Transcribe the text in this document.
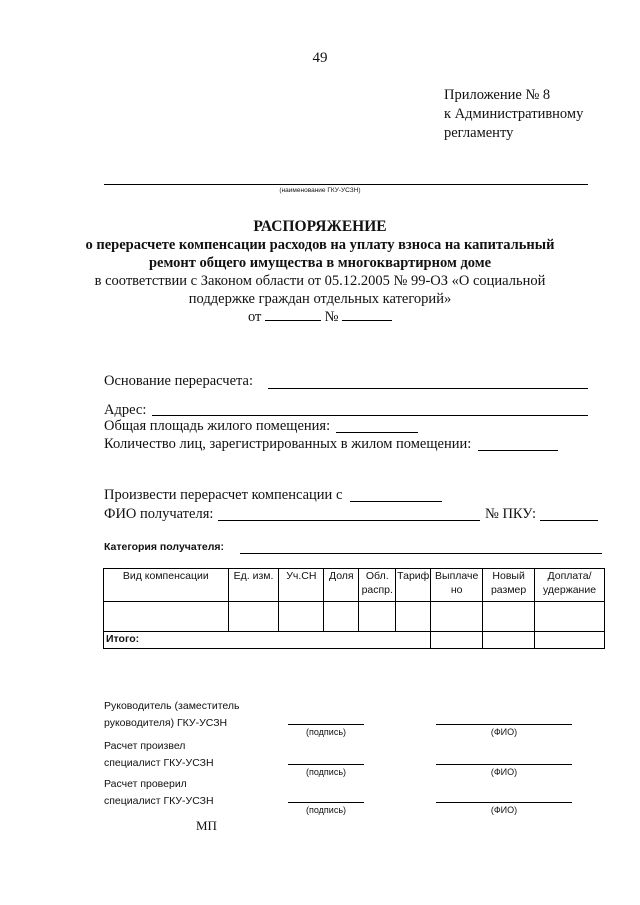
49
Приложение № 8
к Административному
регламенту
(наименование ГКУ-УСЗН)
РАСПОРЯЖЕНИЕ
о перерасчете компенсации расходов на уплату взноса на капитальный
ремонт общего имущества в многоквартирном доме
в соответствии с Законом области от 05.12.2005 № 99-ОЗ «О социальной
поддержке граждан отдельных категорий»
от	№
Основание перерасчета:
Адрес:
Общая площадь жилого помещения:
Количество лиц, зарегистрированных в жилом помещении:
Произвести перерасчет компенсации с
ФИО получателя:	№ ПКУ:
Категория получателя:
Вид компенсации	Ед. изм.	Уч.СН	Доля	Обл. распр.	Тариф	Выплаче но	Новый размер	Доплата/ удержание

Итого:								
Руководитель (заместитель
руководителя) ГКУ-УСЗН
(подпись)	(ФИО)
Расчет произвел
специалист ГКУ-УСЗН
(подпись)	(ФИО)
Расчет проверил
специалист ГКУ-УСЗН
(подпись)	(ФИО)
МП
